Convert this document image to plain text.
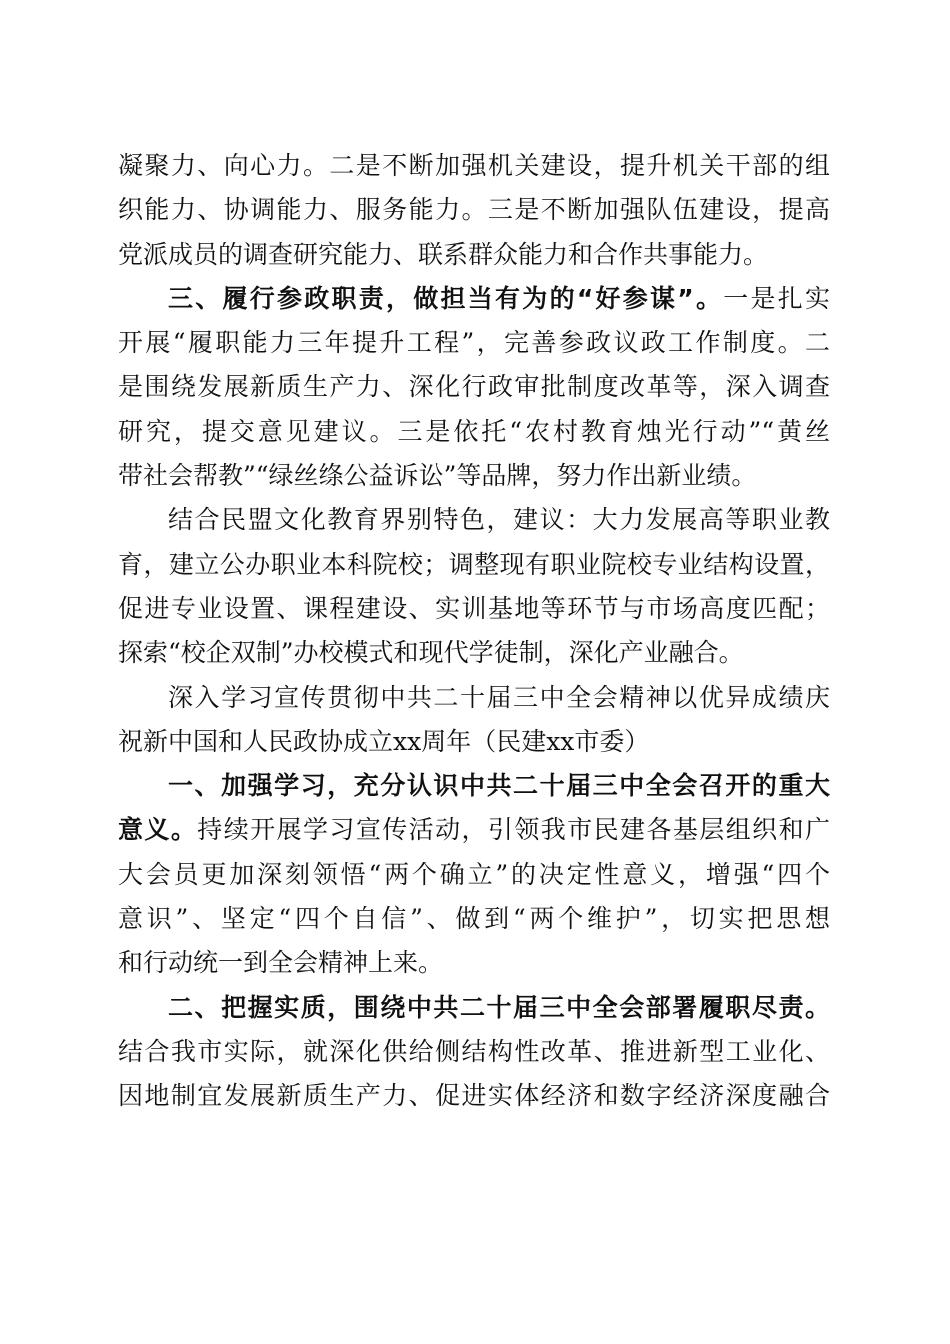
凝聚力、向心力。二是不断加强机关建设，提升机关干部的组
织能力、协调能力、服务能力。三是不断加强队伍建设，提高
党派成员的调查研究能力、联系群众能力和合作共事能力。
三、履行参政职责，做担当有为的“好参谋”。一是扎实
开展“履职能力三年提升工程”，完善参政议政工作制度。二
是围绕发展新质生产力、深化行政审批制度改革等，深入调查
研究，提交意见建议。三是依托“农村教育烛光行动”“黄丝
带社会帮教”“绿丝绦公益诉讼”等品牌，努力作出新业绩。
结合民盟文化教育界别特色，建议：大力发展高等职业教
育，建立公办职业本科院校；调整现有职业院校专业结构设置，
促进专业设置、课程建设、实训基地等环节与市场高度匹配；
探索“校企双制”办校模式和现代学徒制，深化产业融合。
深入学习宣传贯彻中共二十届三中全会精神以优异成绩庆
祝新中国和人民政协成立xx周年（民建xx市委）
一、加强学习，充分认识中共二十届三中全会召开的重大
意义。持续开展学习宣传活动，引领我市民建各基层组织和广
大会员更加深刻领悟“两个确立”的决定性意义，增强“四个
意识”、坚定“四个自信”、做到“两个维护”，切实把思想
和行动统一到全会精神上来。
二、把握实质，围绕中共二十届三中全会部署履职尽责。
结合我市实际，就深化供给侧结构性改革、推进新型工业化、
因地制宜发展新质生产力、促进实体经济和数字经济深度融合
